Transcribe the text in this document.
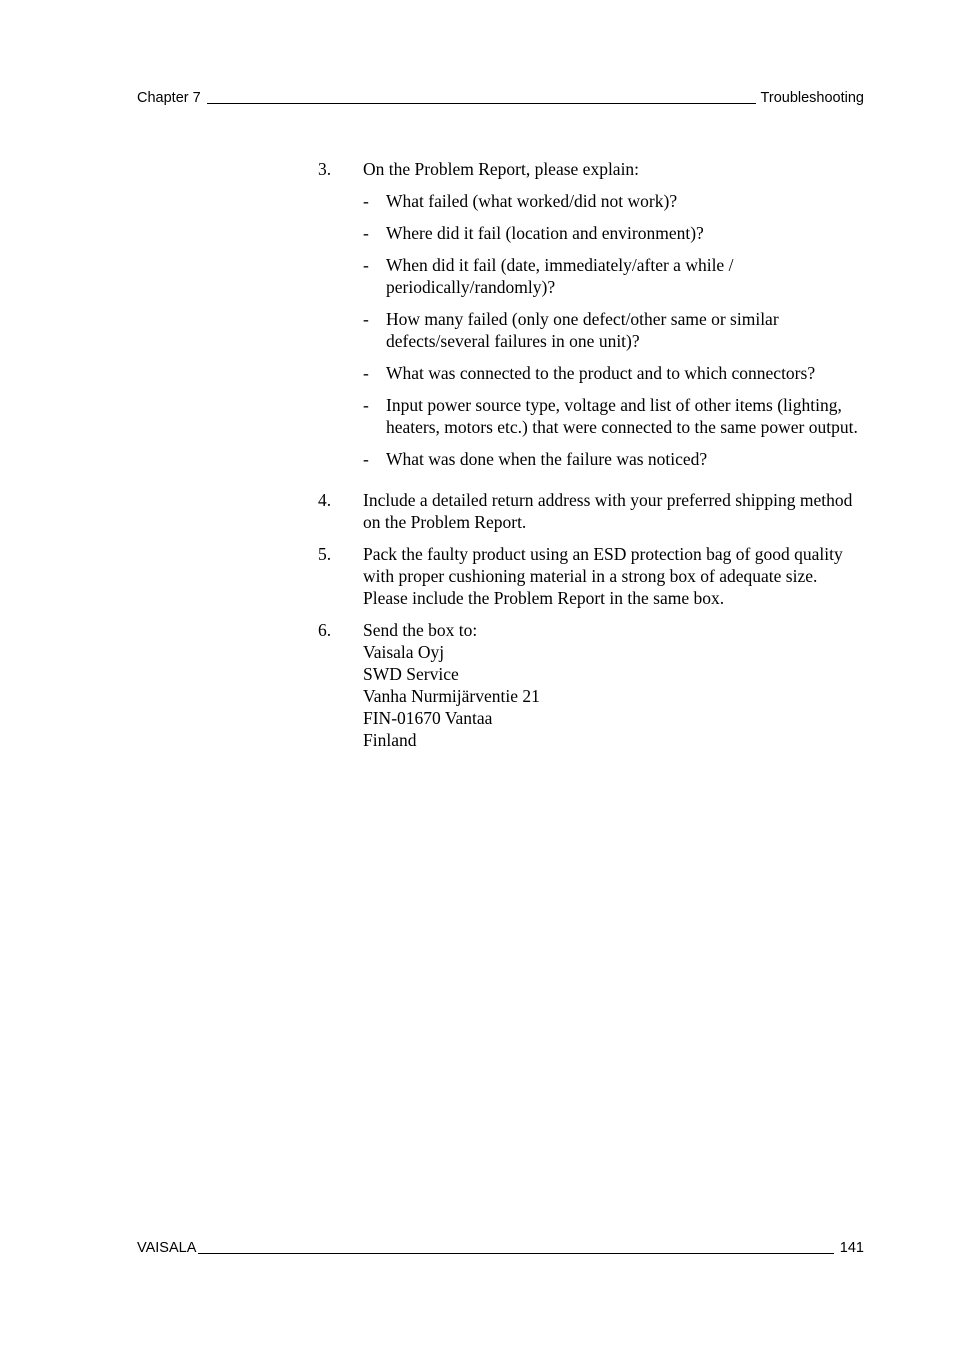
Chapter 7	Troubleshooting
3.	On the Problem Report, please explain:
- What failed (what worked/did not work)?
- Where did it fail (location and environment)?
- When did it fail (date, immediately/after a while / periodically/randomly)?
- How many failed (only one defect/other same or similar defects/several failures in one unit)?
- What was connected to the product and to which connectors?
- Input power source type, voltage and list of other items (lighting, heaters, motors etc.) that were connected to the same power output.
- What was done when the failure was noticed?
4.	Include a detailed return address with your preferred shipping method on the Problem Report.
5.	Pack the faulty product using an ESD protection bag of good quality with proper cushioning material in a strong box of adequate size. Please include the Problem Report in the same box.
6.	Send the box to:
Vaisala Oyj
SWD Service
Vanha Nurmijärventie 21
FIN-01670 Vantaa
Finland
VAISALA	141
